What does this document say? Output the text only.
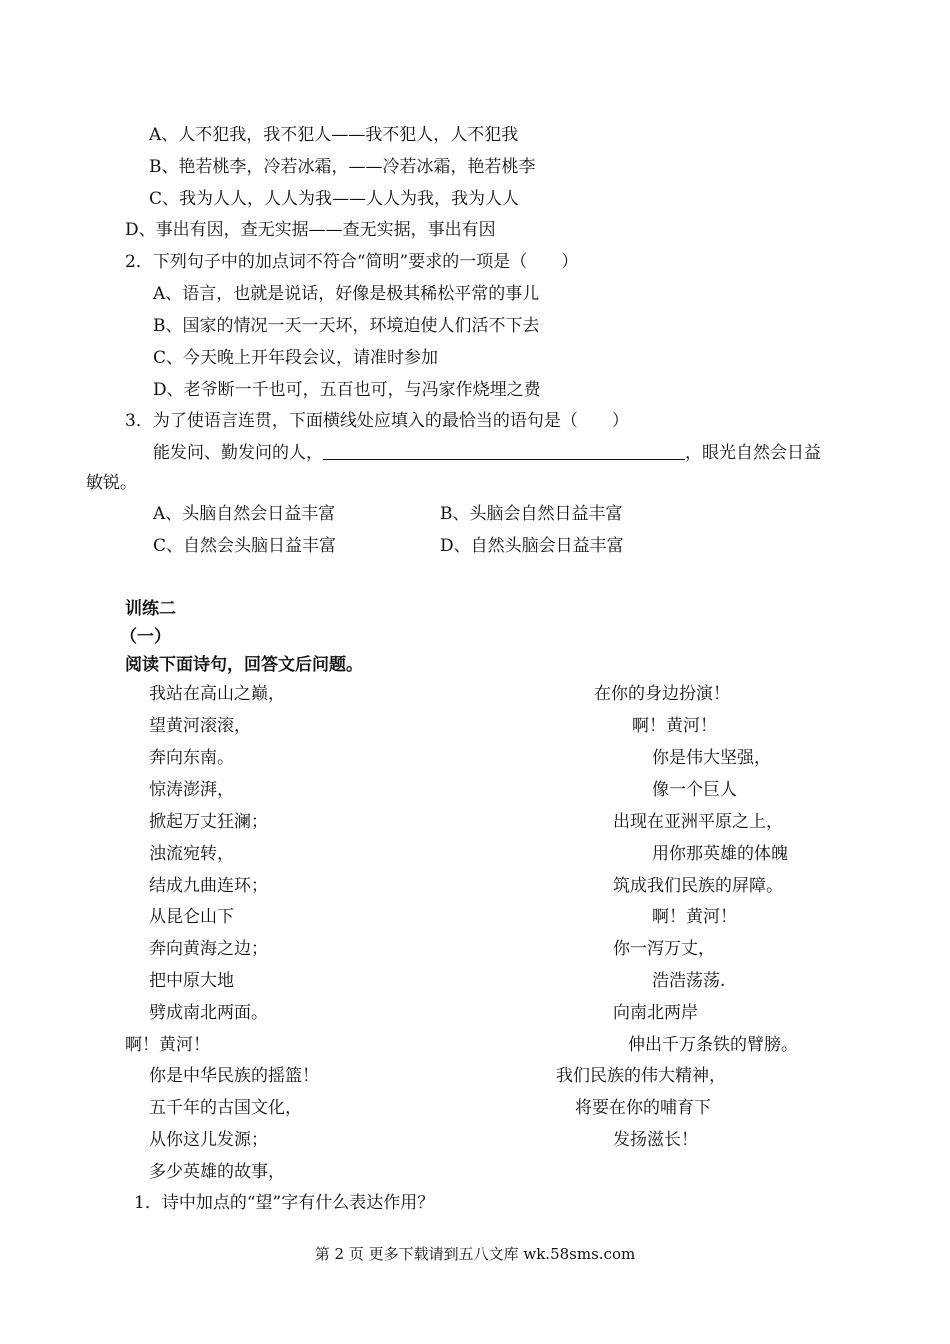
A、人不犯我，我不犯人——我不犯人，人不犯我
B、艳若桃李，冷若冰霜，——冷若冰霜，艳若桃李
C、我为人人，人人为我——人人为我，我为人人
D、事出有因，查无实据——查无实据，事出有因
2．下列句子中的加点词不符合“简明”要求的一项是（　　）
A、语言，也就是说话，好像是极其稀松平常的事儿
B、国家的情况一天一天坏，环境迫使人们活不下去
C、今天晚上开年段会议，请准时参加
D、老爷断一千也可，五百也可，与冯家作烧埋之费
3．为了使语言连贯，下面横线处应填入的最恰当的语句是（　　）
能发问、勤发问的人，	，眼光自然会日益
敏锐。
A、头脑自然会日益丰富	B、头脑会自然日益丰富
C、自然会头脑日益丰富	D、自然头脑会日益丰富
训练二
（一）
阅读下面诗句，回答文后问题。
我站在高山之巅，
望黄河滚滚，
奔向东南。
惊涛澎湃，
掀起万丈狂澜；
浊流宛转，
结成九曲连环；
从昆仑山下
奔向黄海之边；
把中原大地
劈成南北两面。
啊！黄河！
你是中华民族的摇篮！
五千年的古国文化，
从你这儿发源；
多少英雄的故事，
在你的身边扮演！
啊！黄河！
你是伟大坚强，
像一个巨人
出现在亚洲平原之上，
用你那英雄的体魄
筑成我们民族的屏障。
啊！黄河！
你一泻万丈，
浩浩荡荡.
向南北两岸
伸出千万条铁的臂膀。
我们民族的伟大精神，
将要在你的哺育下
发扬滋长！
1．诗中加点的“望”字有什么表达作用？
第 2 页 更多下载请到五八文库 wk.58sms.com
